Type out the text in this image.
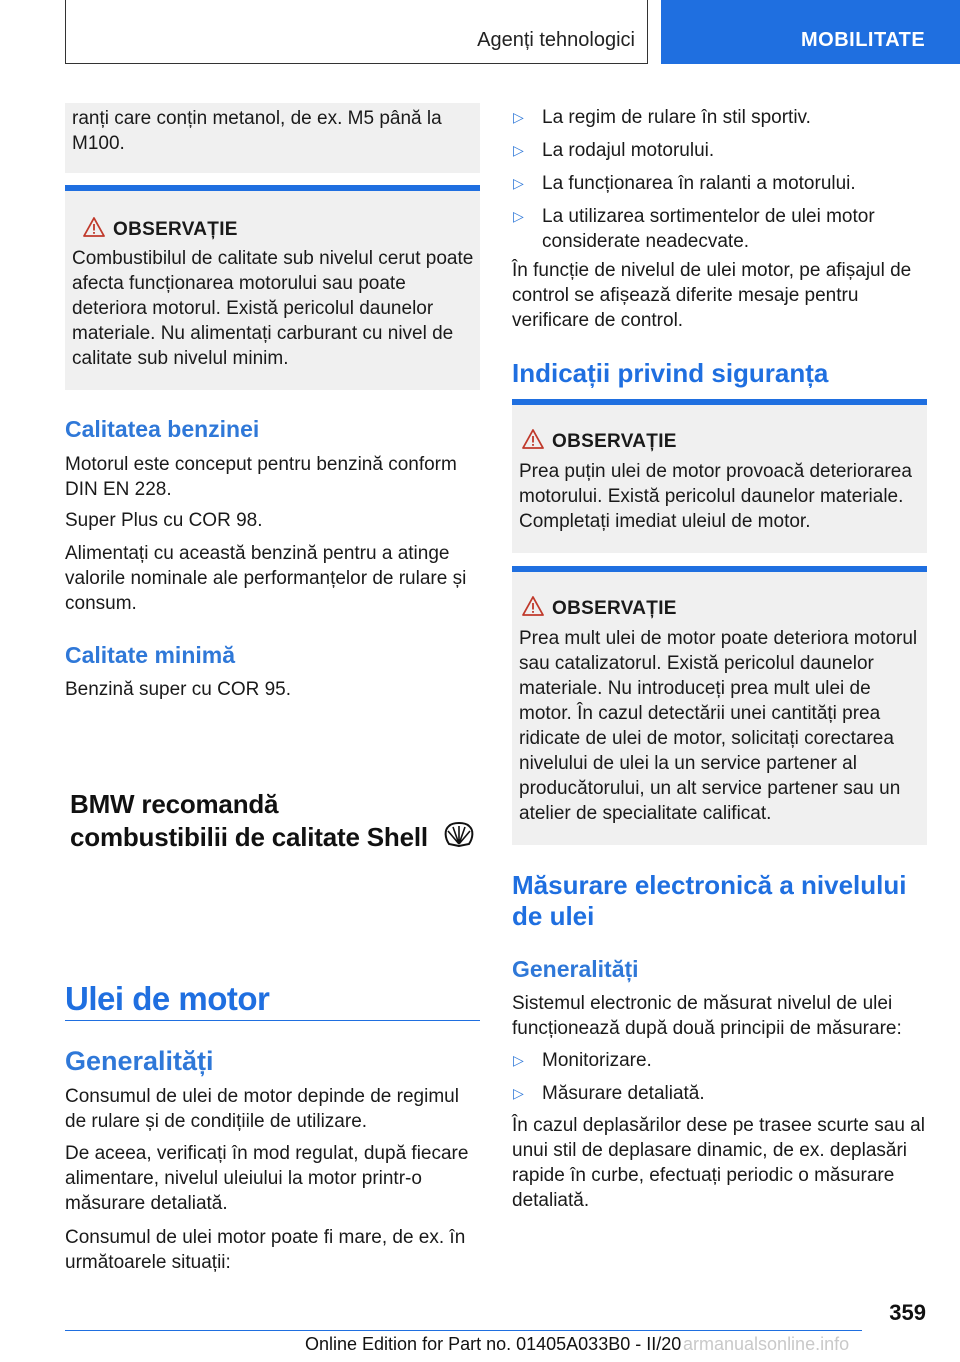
Agenți tehnologici	MOBILITATE

ranți care conțin metanol, de ex. M5 până la M100.

OBSERVAȚIE

Combustibilul de calitate sub nivelul cerut poate afecta funcționarea motorului sau poate deteriora motorul. Există pericolul daunelor materiale. Nu alimentați carburant cu nivel de calitate sub nivelul minim.

Calitatea benzinei

Motorul este conceput pentru benzină conform DIN EN 228.

Super Plus cu COR 98.

Alimentați cu această benzină pentru a atinge valorile nominale ale performanțelor de rulare și consum.

Calitate minimă

Benzină super cu COR 95.

BMW recomandă
combustibilii de calitate Shell
Ulei de motor
Generalități

Consumul de ulei de motor depinde de regimul de rulare și de condițiile de utilizare.

De aceea, verificați în mod regulat, după fiecare alimentare, nivelul uleiului la motor printr-o măsurare detaliată.

Consumul de ulei motor poate fi mare, de ex. în următoarele situații:

▷ La regim de rulare în stil sportiv.
▷ La rodajul motorului.
▷ La funcționarea în ralanti a motorului.
▷ La utilizarea sortimentelor de ulei motor considerate neadecvate.

În funcție de nivelul de ulei motor, pe afișajul de control se afișează diferite mesaje pentru verificare de control.

Indicații privind siguranța
OBSERVAȚIE

Prea puțin ulei de motor provoacă deteriorarea motorului. Există pericolul daunelor materiale. Completați imediat uleiul de motor.

OBSERVAȚIE

Prea mult ulei de motor poate deteriora motorul sau catalizatorul. Există pericolul daunelor materiale. Nu introduceți prea mult ulei de motor. În cazul detectării unei cantități prea ridicate de ulei de motor, solicitați corectarea nivelului de ulei la un service partener al producătorului, un alt service partener sau un atelier de specialitate calificat.

Măsurare electronică a nivelului de ulei
Generalități

Sistemul electronic de măsurat nivelul de ulei funcționează după două principii de măsurare:

▷ Monitorizare.
▷ Măsurare detaliată.

În cazul deplasărilor dese pe trasee scurte sau al unui stil de deplasare dinamic, de ex. deplasări rapide în curbe, efectuați periodic o măsurare detaliată.

359
Online Edition for Part no. 01405A033B0 - II/20 armanualsonline.info
